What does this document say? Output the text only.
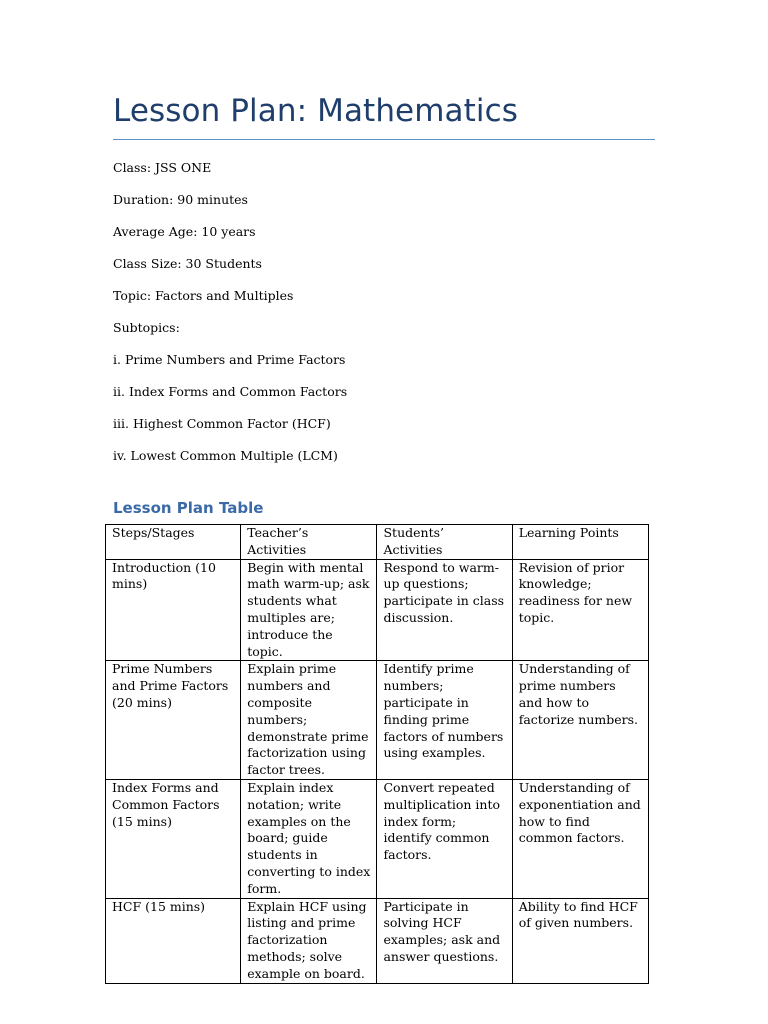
Lesson Plan: Mathematics

Class: JSS ONE

Duration: 90 minutes

Average Age: 10 years

Class Size: 30 Students

Topic: Factors and Multiples

Subtopics:

i. Prime Numbers and Prime Factors

ii. Index Forms and Common Factors

iii. Highest Common Factor (HCF)

iv. Lowest Common Multiple (LCM)

Lesson Plan Table
Steps/Stages	Teacher’s Activities	Students’ Activities	Learning Points
Introduction (10 mins)	Begin with mental math warm-up; ask students what multiples are; introduce the topic.	Respond to warm-up questions; participate in class discussion.	Revision of prior knowledge; readiness for new topic.
Prime Numbers and Prime Factors (20 mins)	Explain prime numbers and composite numbers; demonstrate prime factorization using factor trees.	Identify prime numbers; participate in finding prime factors of numbers using examples.	Understanding of prime numbers and how to factorize numbers.
Index Forms and Common Factors (15 mins)	Explain index notation; write examples on the board; guide students in converting to index form.	Convert repeated multiplication into index form; identify common factors.	Understanding of exponentiation and how to find common factors.
HCF (15 mins)	Explain HCF using listing and prime factorization methods; solve example on board.	Participate in solving HCF examples; ask and answer questions.	Ability to find HCF of given numbers.
